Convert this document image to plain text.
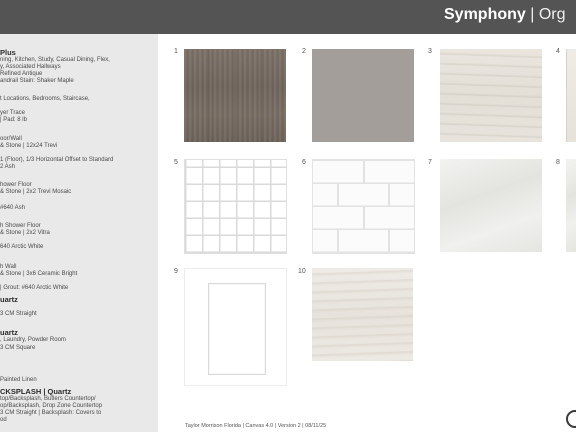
Symphony | Org
Plus
ning, Kitchen, Study, Casual Dining, Flex,
y, Associated Hallways
Refined Antique
andrail Stain: Shaker Maple
t Locations, Bedrooms, Staircase,
yer Trace
| Pad: 8 lb
oor/Wall
& Stone | 12x24 Trevi
1 (Floor), 1/3 Horizontal Offset to Standard
2 Ash
hower Floor
& Stone | 2x2 Trevi Mosaic
#640 Ash
h Shower Floor
& Stone | 2x2 Vitra
640 Arctic White
h Wall
& Stone | 3x6 Ceramic Bright
| Grout: #640 Arctic White
uartz
3 CM Straight
uartz
, Laundry, Powder Room
3 CM Square
Painted Linen
CKSPLASH | Quartz
top/Backsplash, Butlers Countertop/
op/Backsplash, Drop Zone Countertop
3 CM Straight | Backsplash: Covers to
od
1	2	3	4
5	6	7	8
9	10
Taylor Morrison Florida | Canvas 4.0 | Version 2 | 08/11/25
